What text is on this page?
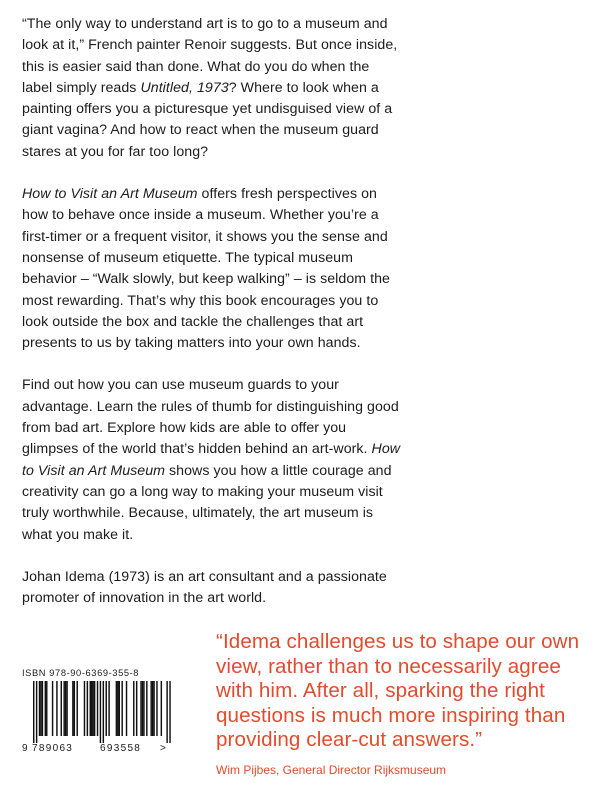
“The only way to understand art is to go to a museum and look at it,” French painter Renoir suggests. But once inside, this is easier said than done. What do you do when the label simply reads Untitled, 1973? Where to look when a painting offers you a picturesque yet undisguised view of a giant vagina? And how to react when the museum guard stares at you for far too long?

How to Visit an Art Museum offers fresh perspectives on how to behave once inside a museum. Whether you’re a first-timer or a frequent visitor, it shows you the sense and nonsense of museum etiquette. The typical museum behavior – “Walk slowly, but keep walking” – is seldom the most rewarding. That’s why this book encourages you to look outside the box and tackle the challenges that art presents to us by taking matters into your own hands.

Find out how you can use museum guards to your advantage. Learn the rules of thumb for distinguishing good from bad art. Explore how kids are able to offer you glimpses of the world that’s hidden behind an art-work. How to Visit an Art Museum shows you how a little courage and creativity can go a long way to making your museum visit truly worthwhile. Because, ultimately, the art museum is what you make it.

Johan Idema (1973) is an art consultant and a passionate promoter of innovation in the art world.

ISBN 978-90-6369-355-8
9 789063	693558 >

“Idema challenges us to shape our own view, rather than to necessarily agree with him. After all, sparking the right questions is much more inspiring than providing clear-cut answers.”

Wim Pijbes, General Director Rijksmuseum
